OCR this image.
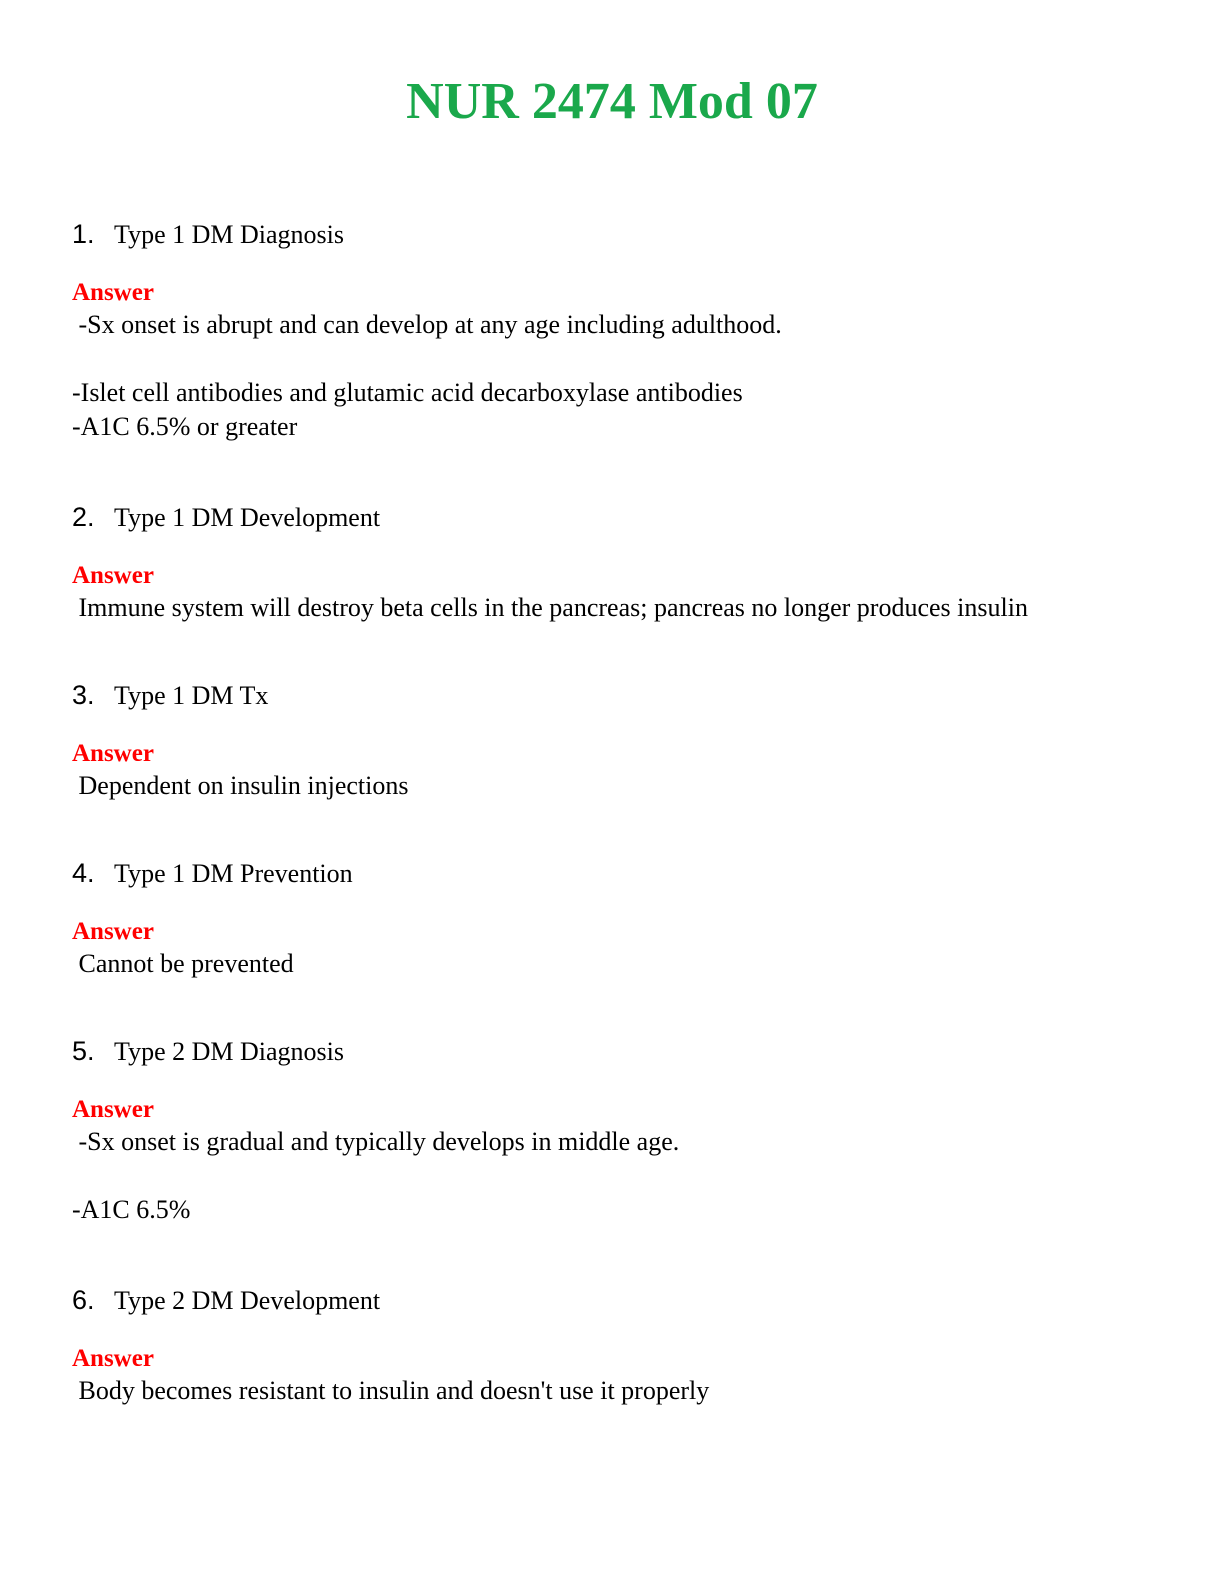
NUR 2474 Mod 07
1. Type 1 DM Diagnosis
Answer
-Sx onset is abrupt and can develop at any age including adulthood.
-Islet cell antibodies and glutamic acid decarboxylase antibodies
-A1C 6.5% or greater
2. Type 1 DM Development
Answer
Immune system will destroy beta cells in the pancreas; pancreas no longer produces insulin
3. Type 1 DM Tx
Answer
Dependent on insulin injections
4. Type 1 DM Prevention
Answer
Cannot be prevented
5. Type 2 DM Diagnosis
Answer
-Sx onset is gradual and typically develops in middle age.
-A1C 6.5%
6. Type 2 DM Development
Answer
Body becomes resistant to insulin and doesn't use it properly
